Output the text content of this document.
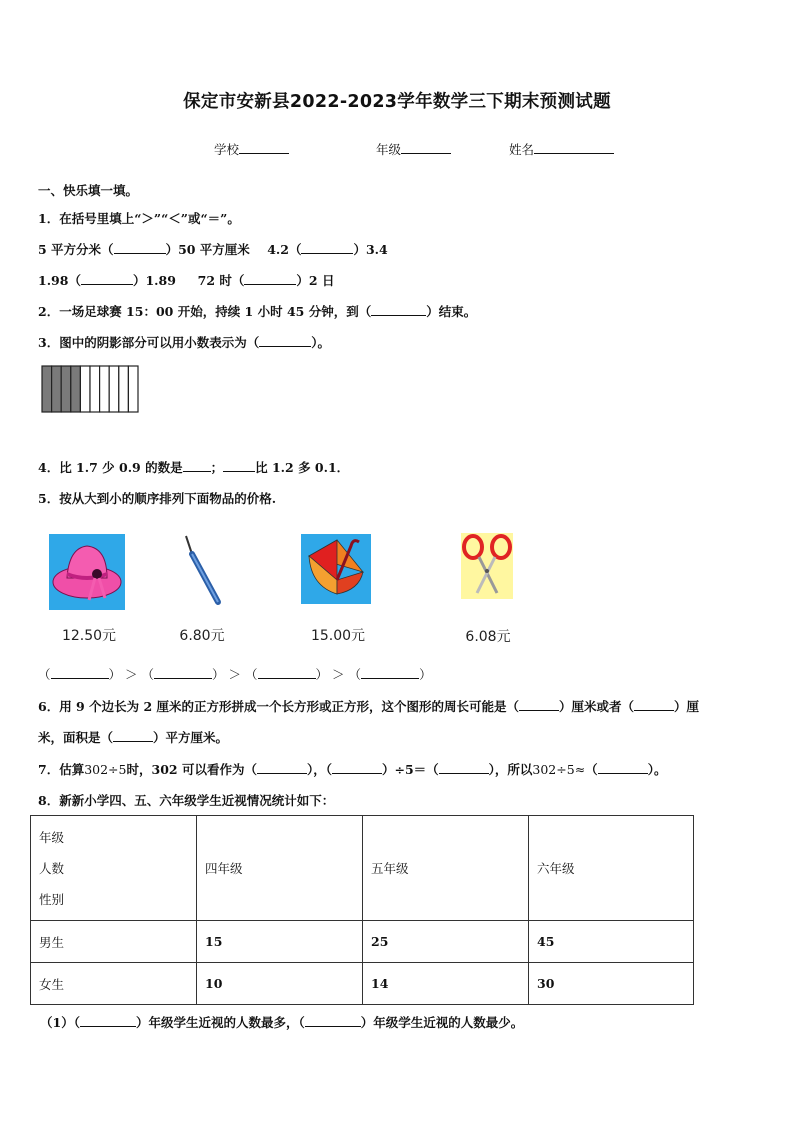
保定市安新县2022-2023学年数学三下期末预测试题
学校	年级	姓名
一、快乐填一填。
1．在括号里填上“＞”“＜”或“＝”。
5 平方分米（	）50 平方厘米 4.2（	）3.4
1.98（	）1.89 72 时（	）2 日
2．一场足球赛 15：00 开始，持续 1 小时 45 分钟，到（	）结束。
3．图中的阴影部分可以用小数表示为（	）。
4．比 1.7 少 0.9 的数是 ；	比 1.2 多 0.1．
5．按从大到小的顺序排列下面物品的价格.
12.50元	6.80元	15.00元	6.08元
（	） ＞ （	） ＞ （	） ＞ （	）
6．用 9 个边长为 2 厘米的正方形拼成一个长方形或正方形，这个图形的周长可能是（	）厘米或者（	）厘
米，面积是（	）平方厘米。
7．估算302÷5时，302 可以看作为（	），（	）÷5＝（	），所以302÷5≈（	）。
8．新新小学四、五、六年级学生近视情况统计如下：
年级
人数
性别	四年级	五年级	六年级
男生	15	25	45
女生	10	14	30
（1）（	）年级学生近视的人数最多，（	）年级学生近视的人数最少。
